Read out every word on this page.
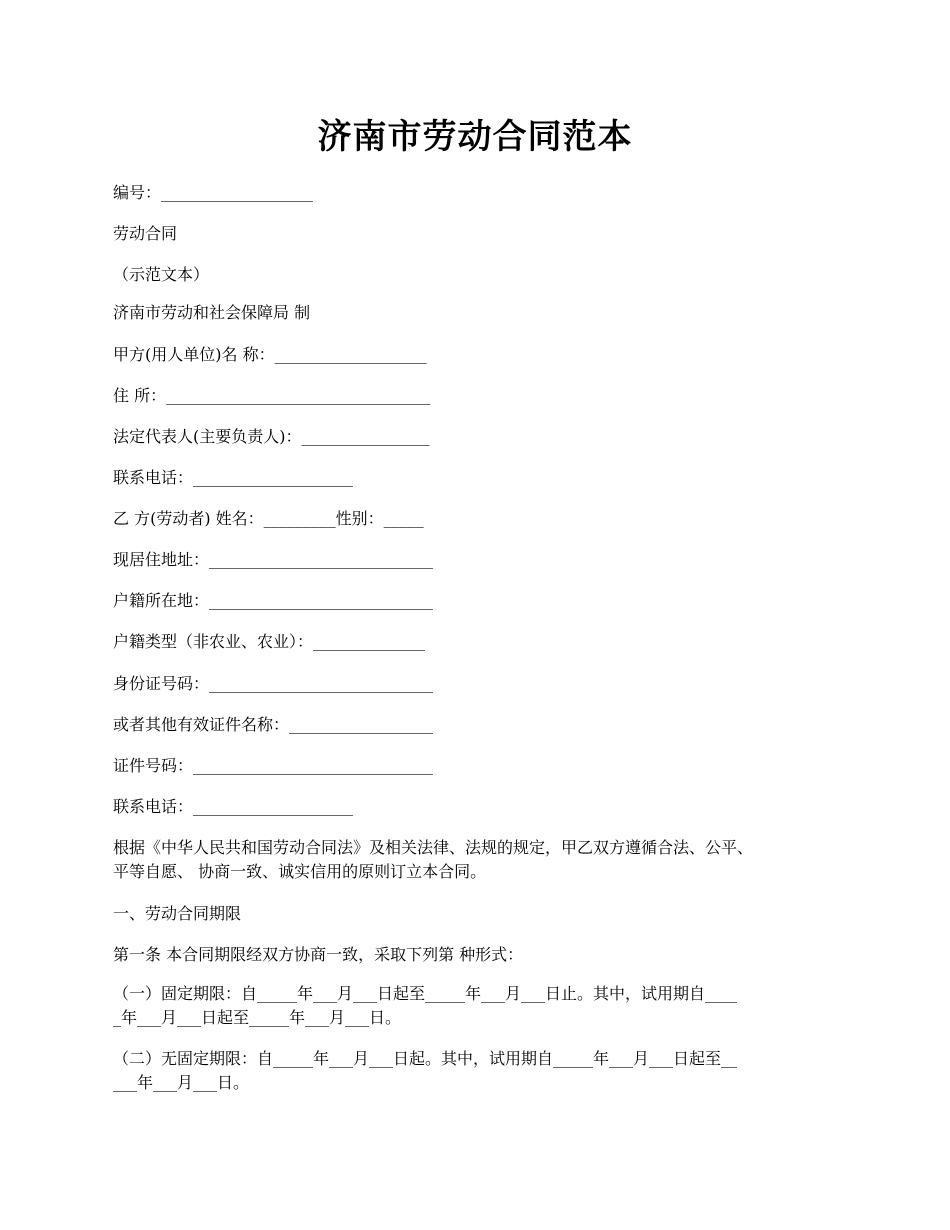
济南市劳动合同范本
编号：___________________
劳动合同
（示范文本）
济南市劳动和社会保障局 制
甲方(用人单位)名 称：___________________
住 所：_________________________________
法定代表人(主要负责人)：________________
联系电话：____________________
乙 方(劳动者) 姓名：_________性别：_____
现居住地址：____________________________
户籍所在地：____________________________
户籍类型（非农业、农业）：______________
身份证号码：____________________________
或者其他有效证件名称：__________________
证件号码：______________________________
联系电话：____________________
根据《中华人民共和国劳动合同法》及相关法律、法规的规定，甲乙双方遵循合法、公平、
平等自愿、 协商一致、诚实信用的原则订立本合同。
一、劳动合同期限
第一条 本合同期限经双方协商一致，采取下列第 种形式：
（一）固定期限：自_____年___月___日起至_____年___月___日止。其中，试用期自____
_年___月___日起至_____年___月___日。
（二）无固定期限：自_____年___月___日起。其中，试用期自_____年___月___日起至__
___年___月___日。
